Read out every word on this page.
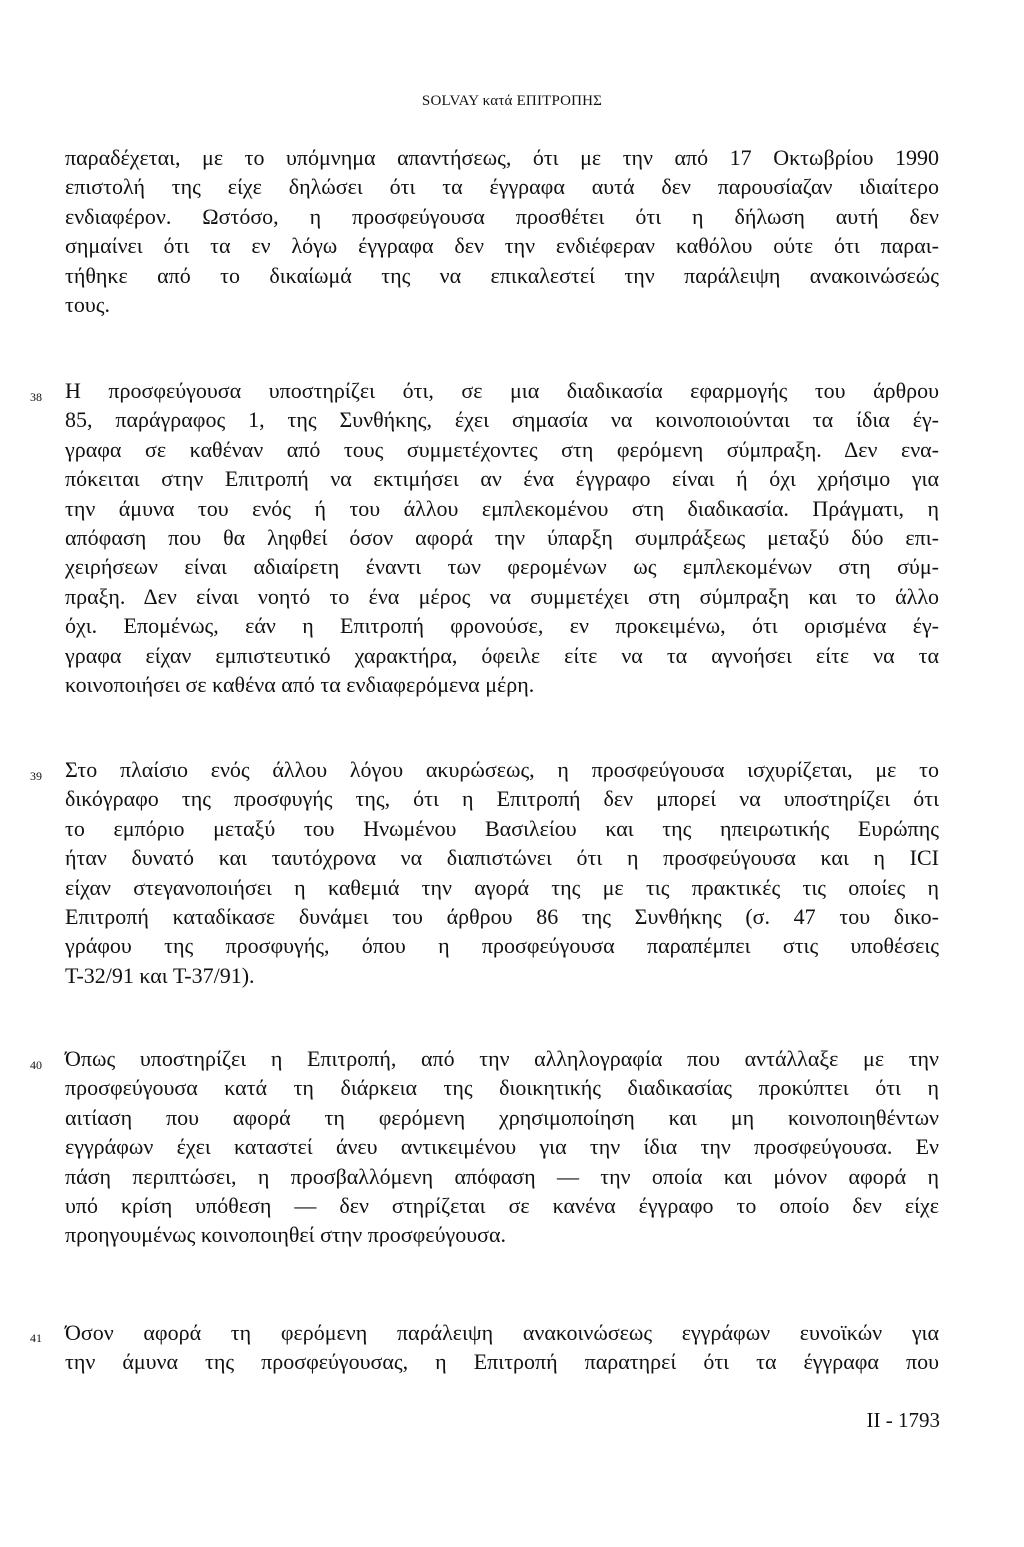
SOLVAY κατά ΕΠΙΤΡΟΠΗΣ
παραδέχεται, με το υπόμνημα απαντήσεως, ότι με την από 17 Οκτωβρίου 1990
επιστολή της είχε δηλώσει ότι τα έγγραφα αυτά δεν παρουσίαζαν ιδιαίτερο
ενδιαφέρον. Ωστόσο, η προσφεύγουσα προσθέτει ότι η δήλωση αυτή δεν
σημαίνει ότι τα εν λόγω έγγραφα δεν την ενδιέφεραν καθόλου ούτε ότι παραι-
τήθηκε από το δικαίωμά της να επικαλεστεί την παράλειψη ανακοινώσεώς
τους.
38 Η προσφεύγουσα υποστηρίζει ότι, σε μια διαδικασία εφαρμογής του άρθρου
85, παράγραφος 1, της Συνθήκης, έχει σημασία να κοινοποιούνται τα ίδια έγ-
γραφα σε καθέναν από τους συμμετέχοντες στη φερόμενη σύμπραξη. Δεν ενα-
πόκειται στην Επιτροπή να εκτιμήσει αν ένα έγγραφο είναι ή όχι χρήσιμο για
την άμυνα του ενός ή του άλλου εμπλεκομένου στη διαδικασία. Πράγματι, η
απόφαση που θα ληφθεί όσον αφορά την ύπαρξη συμπράξεως μεταξύ δύο επι-
χειρήσεων είναι αδιαίρετη έναντι των φερομένων ως εμπλεκομένων στη σύμ-
πραξη. Δεν είναι νοητό το ένα μέρος να συμμετέχει στη σύμπραξη και το άλλο
όχι. Επομένως, εάν η Επιτροπή φρονούσε, εν προκειμένω, ότι ορισμένα έγ-
γραφα είχαν εμπιστευτικό χαρακτήρα, όφειλε είτε να τα αγνοήσει είτε να τα
κοινοποιήσει σε καθένα από τα ενδιαφερόμενα μέρη.
39 Στο πλαίσιο ενός άλλου λόγου ακυρώσεως, η προσφεύγουσα ισχυρίζεται, με το
δικόγραφο της προσφυγής της, ότι η Επιτροπή δεν μπορεί να υποστηρίζει ότι
το εμπόριο μεταξύ του Ηνωμένου Βασιλείου και της ηπειρωτικής Ευρώπης
ήταν δυνατό και ταυτόχρονα να διαπιστώνει ότι η προσφεύγουσα και η ICI
είχαν στεγανοποιήσει η καθεμιά την αγορά της με τις πρακτικές τις οποίες η
Επιτροπή καταδίκασε δυνάμει του άρθρου 86 της Συνθήκης (σ. 47 του δικο-
γράφου της προσφυγής, όπου η προσφεύγουσα παραπέμπει στις υποθέσεις
Τ-32/91 και Τ-37/91).
40 Όπως υποστηρίζει η Επιτροπή, από την αλληλογραφία που αντάλλαξε με την
προσφεύγουσα κατά τη διάρκεια της διοικητικής διαδικασίας προκύπτει ότι η
αιτίαση που αφορά τη φερόμενη χρησιμοποίηση και μη κοινοποιηθέντων
εγγράφων έχει καταστεί άνευ αντικειμένου για την ίδια την προσφεύγουσα. Εν
πάση περιπτώσει, η προσβαλλόμενη απόφαση — την οποία και μόνον αφορά η
υπό κρίση υπόθεση — δεν στηρίζεται σε κανένα έγγραφο το οποίο δεν είχε
προηγουμένως κοινοποιηθεί στην προσφεύγουσα.
41 Όσον αφορά τη φερόμενη παράλειψη ανακοινώσεως εγγράφων ευνοϊκών για
την άμυνα της προσφεύγουσας, η Επιτροπή παρατηρεί ότι τα έγγραφα που
II - 1793
